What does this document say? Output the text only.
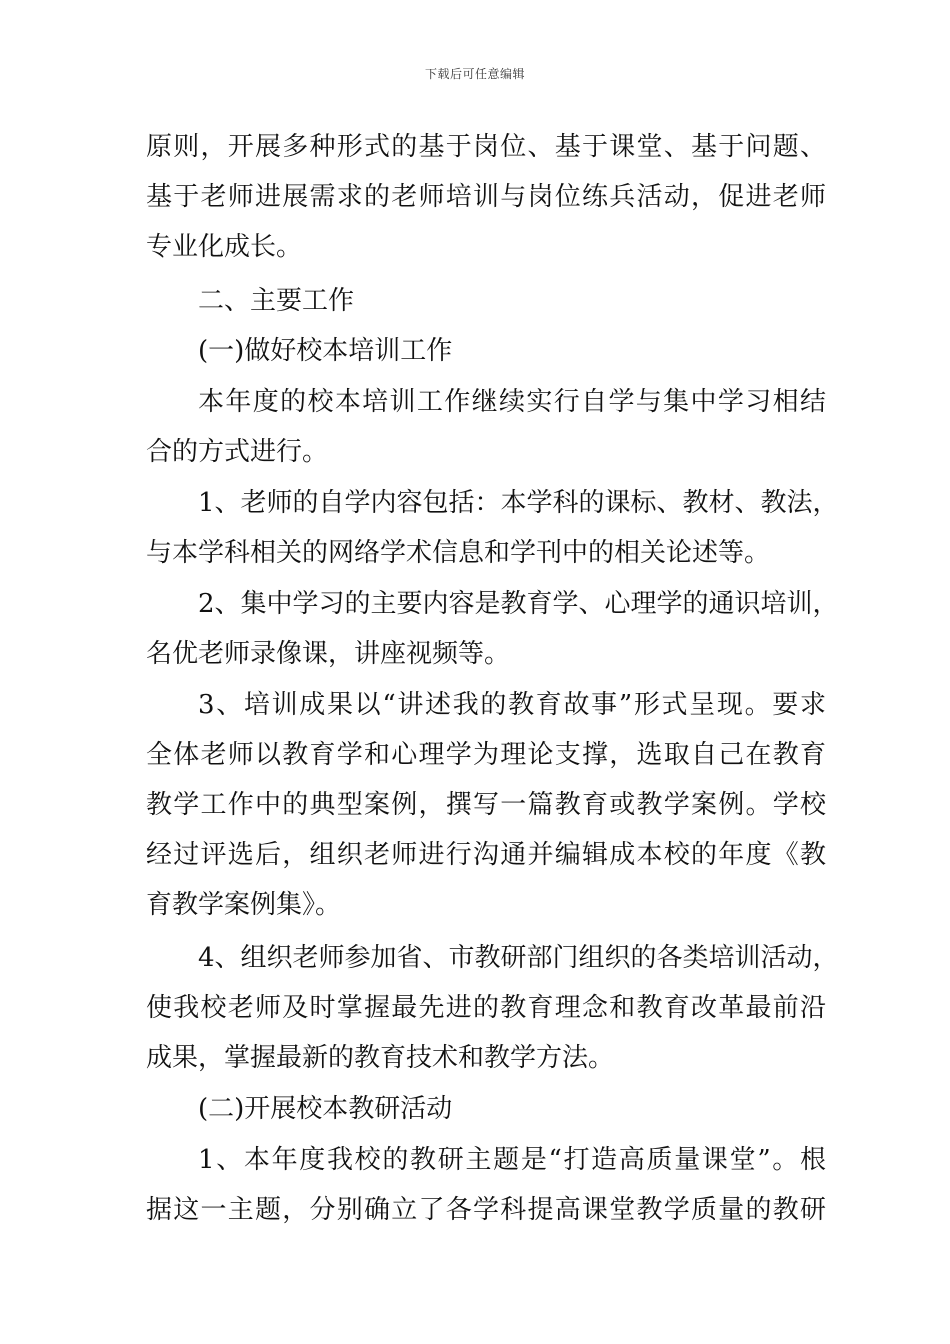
下载后可任意编辑
原则，开展多种形式的基于岗位、基于课堂、基于问题、
基于老师进展需求的老师培训与岗位练兵活动，促进老师
专业化成长。
二、主要工作
(一)做好校本培训工作
本年度的校本培训工作继续实行自学与集中学习相结
合的方式进行。
1、老师的自学内容包括：本学科的课标、教材、教法，
与本学科相关的网络学术信息和学刊中的相关论述等。
2、集中学习的主要内容是教育学、心理学的通识培训，
名优老师录像课，讲座视频等。
3、培训成果以“讲述我的教育故事”形式呈现。要求
全体老师以教育学和心理学为理论支撑，选取自己在教育
教学工作中的典型案例，撰写一篇教育或教学案例。学校
经过评选后，组织老师进行沟通并编辑成本校的年度《教
育教学案例集》。
4、组织老师参加省、市教研部门组织的各类培训活动，
使我校老师及时掌握最先进的教育理念和教育改革最前沿
成果，掌握最新的教育技术和教学方法。
(二)开展校本教研活动
1、本年度我校的教研主题是“打造高质量课堂”。根
据这一主题，分别确立了各学科提高课堂教学质量的教研
